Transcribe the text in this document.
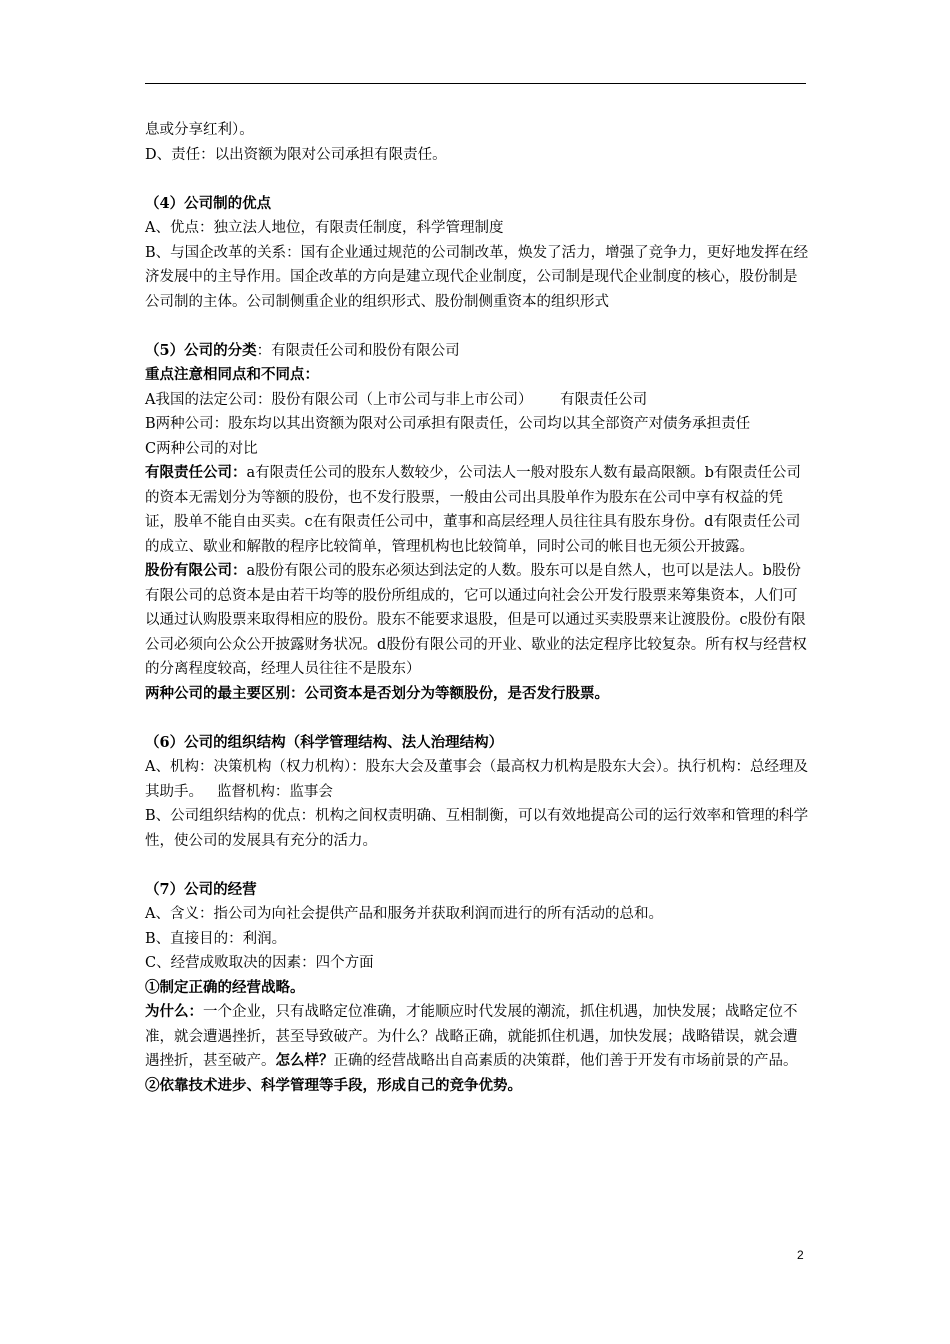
息或分享红利）。

D、责任：以出资额为限对公司承担有限责任。

（4）公司制的优点

A、优点：独立法人地位，有限责任制度，科学管理制度

B、与国企改革的关系：国有企业通过规范的公司制改革，焕发了活力，增强了竞争力，更好地发挥在经济发展中的主导作用。国企改革的方向是建立现代企业制度，公司制是现代企业制度的核心，股份制是公司制的主体。公司制侧重企业的组织形式、股份制侧重资本的组织形式

（5）公司的分类：有限责任公司和股份有限公司

重点注意相同点和不同点：

A我国的法定公司：股份有限公司（上市公司与非上市公司）      有限责任公司

B两种公司：股东均以其出资额为限对公司承担有限责任，公司均以其全部资产对债务承担责任

C两种公司的对比

有限责任公司：a有限责任公司的股东人数较少，公司法人一般对股东人数有最高限额。b有限责任公司的资本无需划分为等额的股份，也不发行股票，一般由公司出具股单作为股东在公司中享有权益的凭证，股单不能自由买卖。c在有限责任公司中，董事和高层经理人员往往具有股东身份。d有限责任公司的成立、歇业和解散的程序比较简单，管理机构也比较简单，同时公司的帐目也无须公开披露。

股份有限公司：a股份有限公司的股东必须达到法定的人数。股东可以是自然人，也可以是法人。b股份有限公司的总资本是由若干均等的股份所组成的，它可以通过向社会公开发行股票来筹集资本，人们可以通过认购股票来取得相应的股份。股东不能要求退股，但是可以通过买卖股票来让渡股份。c股份有限公司必须向公众公开披露财务状况。d股份有限公司的开业、歇业的法定程序比较复杂。所有权与经营权的分离程度较高，经理人员往往不是股东）

两种公司的最主要区别：公司资本是否划分为等额股份，是否发行股票。

（6）公司的组织结构（科学管理结构、法人治理结构）

A、机构：决策机构（权力机构）：股东大会及董事会（最高权力机构是股东大会）。执行机构：总经理及其助手。   监督机构：监事会

B、公司组织结构的优点：机构之间权责明确、互相制衡，可以有效地提高公司的运行效率和管理的科学性，使公司的发展具有充分的活力。

（7）公司的经营

A、含义：指公司为向社会提供产品和服务并获取利润而进行的所有活动的总和。

B、直接目的：利润。

C、经营成败取决的因素：四个方面

①制定正确的经营战略。

为什么：一个企业，只有战略定位准确，才能顺应时代发展的潮流，抓住机遇，加快发展；战略定位不准，就会遭遇挫折，甚至导致破产。为什么？战略正确，就能抓住机遇，加快发展；战略错误，就会遭遇挫折，甚至破产。怎么样？正确的经营战略出自高素质的决策群，他们善于开发有市场前景的产品。

②依靠技术进步、科学管理等手段，形成自己的竞争优势。

2
